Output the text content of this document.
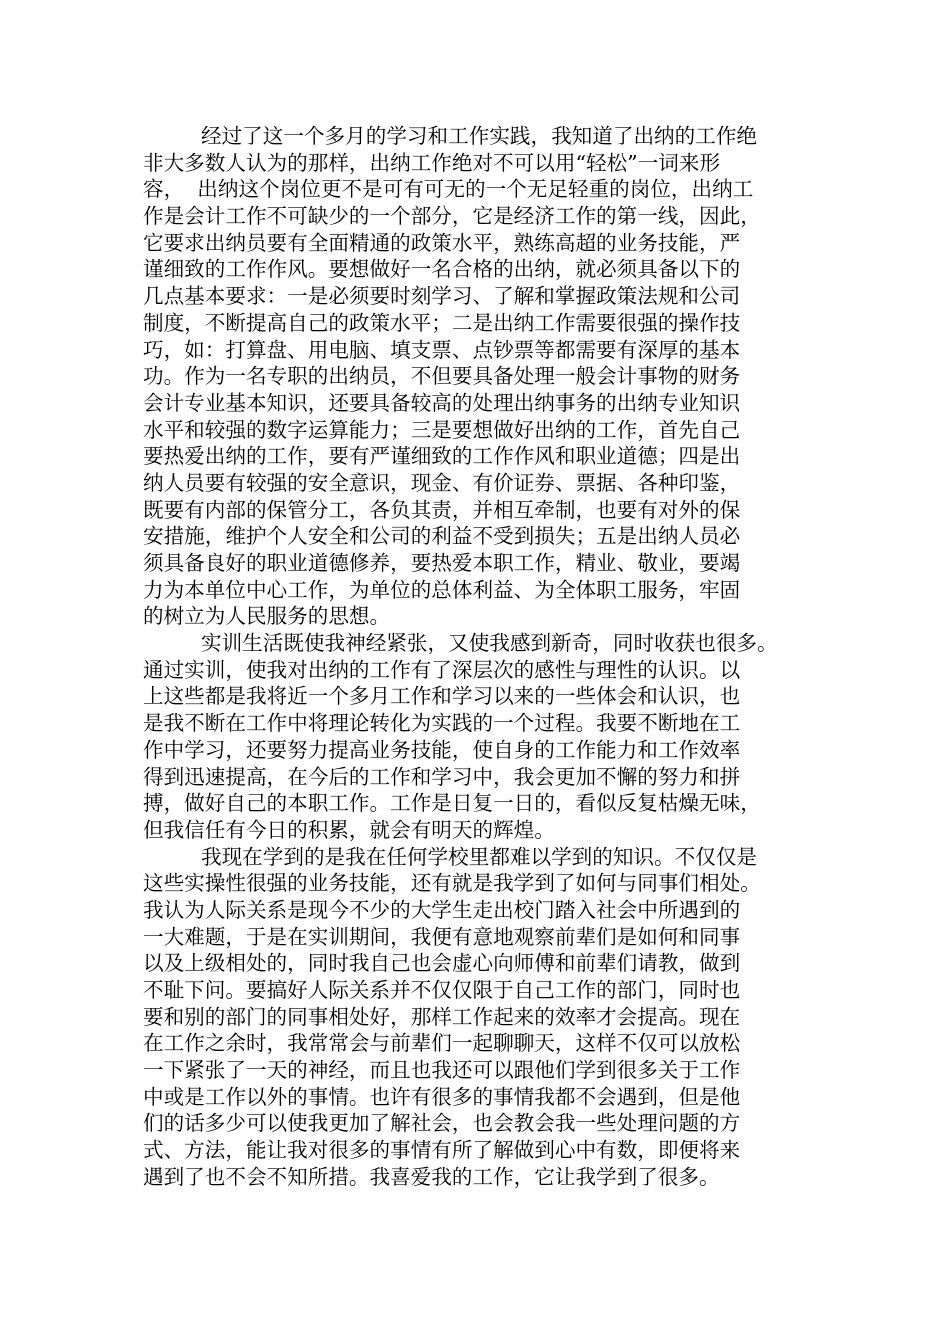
经过了这一个多月的学习和工作实践，我知道了出纳的工作绝
非大多数人认为的那样，出纳工作绝对不可以用“轻松”一词来形
容，  出纳这个岗位更不是可有可无的一个无足轻重的岗位，出纳工
作是会计工作不可缺少的一个部分，它是经济工作的第一线，因此，
它要求出纳员要有全面精通的政策水平，熟练高超的业务技能，严
谨细致的工作作风。要想做好一名合格的出纳，就必须具备以下的
几点基本要求：一是必须要时刻学习、了解和掌握政策法规和公司
制度，不断提高自己的政策水平；二是出纳工作需要很强的操作技
巧，如：打算盘、用电脑、填支票、点钞票等都需要有深厚的基本
功。作为一名专职的出纳员，不但要具备处理一般会计事物的财务
会计专业基本知识，还要具备较高的处理出纳事务的出纳专业知识
水平和较强的数字运算能力；三是要想做好出纳的工作，首先自己
要热爱出纳的工作，要有严谨细致的工作作风和职业道德；四是出
纳人员要有较强的安全意识，现金、有价证券、票据、各种印鉴，
既要有内部的保管分工，各负其责，并相互牵制，也要有对外的保
安措施，维护个人安全和公司的利益不受到损失；五是出纳人员必
须具备良好的职业道德修养，要热爱本职工作，精业、敬业，要竭
力为本单位中心工作，为单位的总体利益、为全体职工服务，牢固
的树立为人民服务的思想。
实训生活既使我神经紧张，又使我感到新奇，同时收获也很多。
通过实训，使我对出纳的工作有了深层次的感性与理性的认识。以
上这些都是我将近一个多月工作和学习以来的一些体会和认识，也
是我不断在工作中将理论转化为实践的一个过程。我要不断地在工
作中学习，还要努力提高业务技能，使自身的工作能力和工作效率
得到迅速提高，在今后的工作和学习中，我会更加不懈的努力和拼
搏，做好自己的本职工作。工作是日复一日的，看似反复枯燥无味，
但我信任有今日的积累，就会有明天的辉煌。
我现在学到的是我在任何学校里都难以学到的知识。不仅仅是
这些实操性很强的业务技能，还有就是我学到了如何与同事们相处。
我认为人际关系是现今不少的大学生走出校门踏入社会中所遇到的
一大难题，于是在实训期间，我便有意地观察前辈们是如何和同事
以及上级相处的，同时我自己也会虚心向师傅和前辈们请教，做到
不耻下问。要搞好人际关系并不仅仅限于自己工作的部门，同时也
要和别的部门的同事相处好，那样工作起来的效率才会提高。现在
在工作之余时，我常常会与前辈们一起聊聊天，这样不仅可以放松
一下紧张了一天的神经，而且也我还可以跟他们学到很多关于工作
中或是工作以外的事情。也许有很多的事情我都不会遇到，但是他
们的话多少可以使我更加了解社会，也会教会我一些处理问题的方
式、方法，能让我对很多的事情有所了解做到心中有数，即便将来
遇到了也不会不知所措。我喜爱我的工作，它让我学到了很多。
